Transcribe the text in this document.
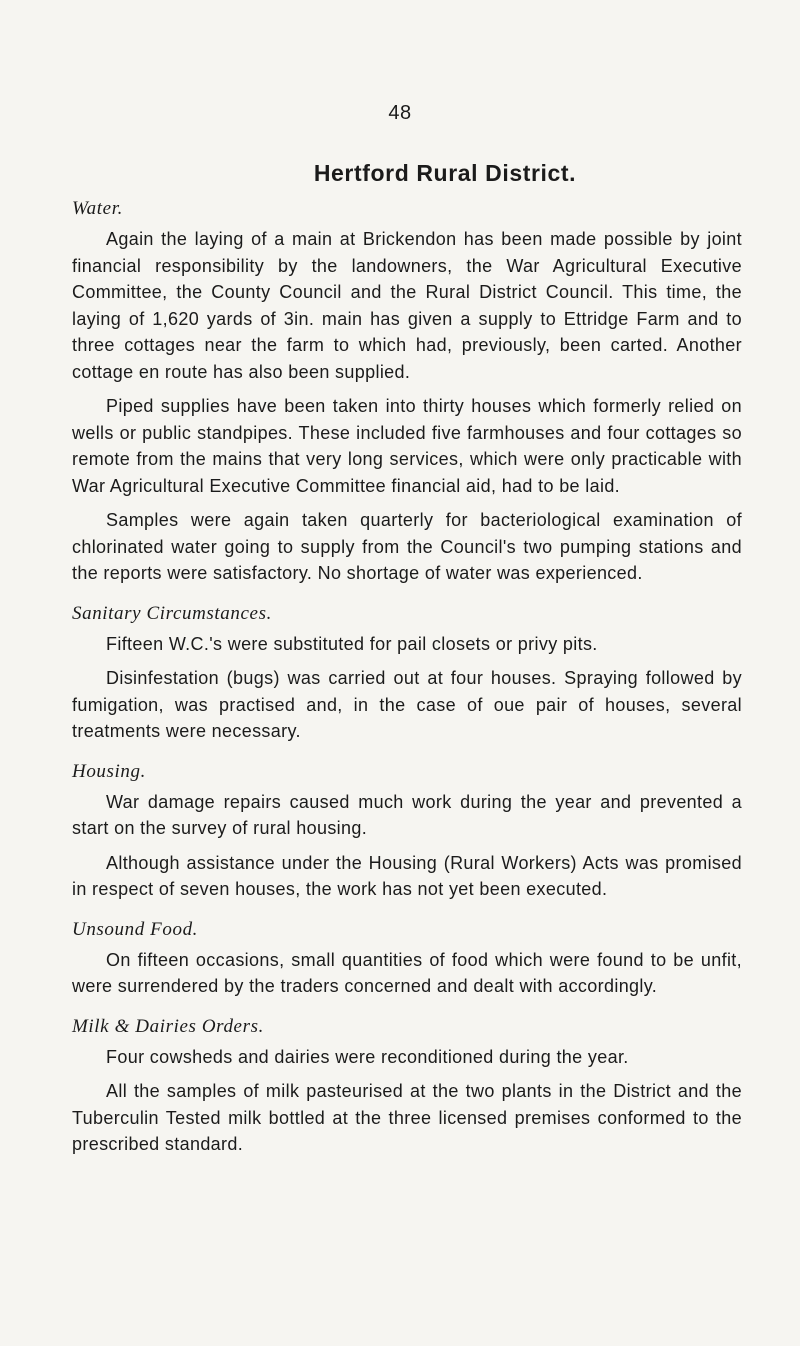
48
Hertford Rural District.
Water.

Again the laying of a main at Brickendon has been made possible by joint financial responsibility by the landowners, the War Agricultural Executive Committee, the County Council and the Rural District Council. This time, the laying of 1,620 yards of 3in. main has given a supply to Ettridge Farm and to three cottages near the farm to which had, previously, been carted. Another cottage en route has also been supplied.

Piped supplies have been taken into thirty houses which formerly relied on wells or public standpipes. These included five farmhouses and four cottages so remote from the mains that very long services, which were only practicable with War Agricultural Executive Committee financial aid, had to be laid.

Samples were again taken quarterly for bacteriological examination of chlorinated water going to supply from the Council's two pumping stations and the reports were satisfactory. No shortage of water was experienced.

Sanitary Circumstances.

Fifteen W.C.'s were substituted for pail closets or privy pits.

Disinfestation (bugs) was carried out at four houses. Spraying followed by fumigation, was practised and, in the case of oue pair of houses, several treatments were necessary.

Housing.

War damage repairs caused much work during the year and prevented a start on the survey of rural housing.

Although assistance under the Housing (Rural Workers) Acts was promised in respect of seven houses, the work has not yet been executed.

Unsound Food.

On fifteen occasions, small quantities of food which were found to be unfit, were surrendered by the traders concerned and dealt with accordingly.

Milk & Dairies Orders.

Four cowsheds and dairies were reconditioned during the year.

All the samples of milk pasteurised at the two plants in the District and the Tuberculin Tested milk bottled at the three licensed premises conformed to the prescribed standard.
